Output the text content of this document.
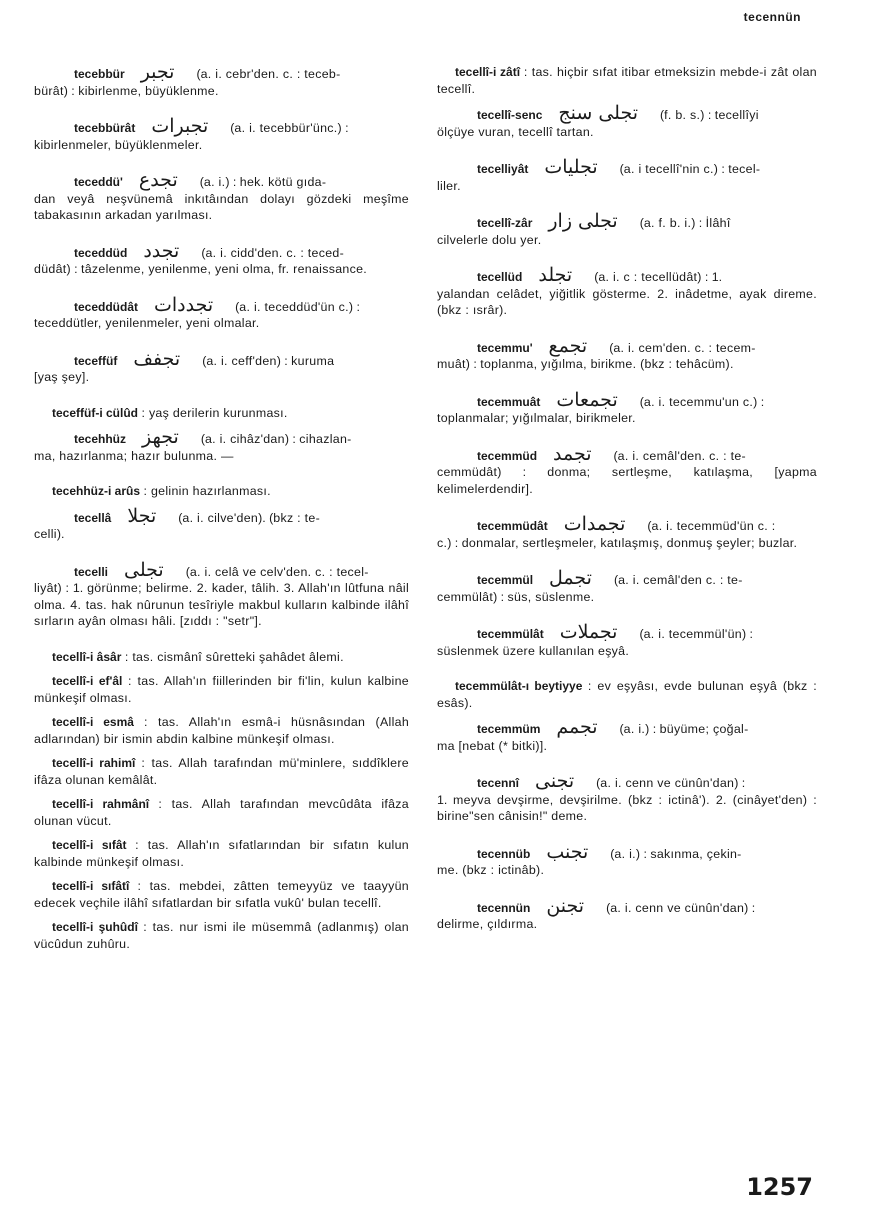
tecennün
tecebbür تجبر (a. i. cebr'den. c. : teceb-
bürât) : kibirlenme, büyüklenme.
tecebbürât تجبرات (a. i. tecebbür'ünc.) :
kibirlenmeler, büyüklenmeler.
teceddü' تجدع (a. i.) : hek. kötü gıda-
dan veyâ neşvünemâ inkıtâından dolayı gözdeki meşîme tabakasının arkadan yarılması.
teceddüd تجدد (a. i. cidd'den. c. : teced-
düdât) : tâzelenme, yenilenme, yeni olma, fr. renaissance.
teceddüdât تجددات (a. i. teceddüd'ün c.) :
teceddütler, yenilenmeler, yeni olmalar.
teceffüf تجفف (a. i. ceff'den) : kuruma
[yaş şey].
teceffüf-i cülûd : yaş derilerin kurunması.
tecehhüz تجهز (a. i. cihâz'dan) : cihazlan-
ma, hazırlanma; hazır bulunma. —
tecehhüz-i arûs : gelinin hazırlanması.
tecellâ تجلا (a. i. cilve'den). (bkz : te-
celli).
tecelli تجلى (a. i. celâ ve celv'den. c. : tecel-
liyât) : 1. görünme; belirme. 2. kader, tâlih. 3. Allah'ın lûtfuna nâil olma. 4. tas. hak nûrunun tesîriyle makbul kulların kalbinde ilâhî sırların ayân olması hâli. [zıddı : "setr"].
tecellî-i âsâr : tas. cismânî sûretteki şahâdet âlemi.
tecellî-i ef'âl : tas. Allah'ın fiillerinden bir fi'lin, kulun kalbine münkeşif olması.
tecellî-i esmâ : tas. Allah'ın esmâ-i hüsnâsından (Allah adlarından) bir ismin abdin kalbine münkeşif olması.
tecellî-i rahimî : tas. Allah tarafından mü'minlere, sıddîklere ifâza olunan kemâlât.
tecellî-i rahmânî : tas. Allah tarafından mevcûdâta ifâza olunan vücut.
tecellî-i sıfât : tas. Allah'ın sıfatlarından bir sıfatın kulun kalbinde münkeşif olması.
tecellî-i sıfâtî : tas. mebdei, zâtten temeyyüz ve taayyün edecek veçhile ilâhî sıfatlardan bir sıfatla vukû' bulan tecellî.
tecellî-i şuhûdî : tas. nur ismi ile müsemmâ (adlanmış) olan vücûdun zuhûru.
tecellî-i zâtî : tas. hiçbir sıfat itibar etmeksizin mebde-i zât olan tecellî.
tecellî-senc تجلى سنج (f. b. s.) : tecellîyi
ölçüye vuran, tecellî tartan.
tecelliyât تجليات (a. i tecellî'nin c.) : tecel-
liler.
tecellî-zâr تجلى زار (a. f. b. i.) : İlâhî
cilvelerle dolu yer.
tecellüd تجلد (a. i. c : tecellüdât) : 1.
yalandan celâdet, yiğitlik gösterme. 2. inâdetme, ayak direme. (bkz : ısrâr).
tecemmu' تجمع (a. i. cem'den. c. : tecem-
muât) : toplanma, yığılma, birikme. (bkz : tehâcüm).
tecemmuât تجمعات (a. i. tecemmu'un c.) :
toplanmalar; yığılmalar, birikmeler.
tecemmüd تجمد (a. i. cemâl'den. c. : te-
cemmüdât) : donma; sertleşme, katılaşma, [yapma kelimelerdendir].
tecemmüdât تجمدات (a. i. tecemmüd'ün c. :
c.) : donmalar, sertleşmeler, katılaşmış, donmuş şeyler; buzlar.
tecemmül تجمل (a. i. cemâl'den c. : te-
cemmülât) : süs, süslenme.
tecemmülât تجملات (a. i. tecemmül'ün) :
süslenmek üzere kullanılan eşyâ.
tecemmülât-ı beytiyye : ev eşyâsı, evde bulunan eşyâ (bkz : esâs).
tecemmüm تجمم (a. i.) : büyüme; çoğal-
ma [nebat (* bitki)].
tecennî تجنى (a. i. cenn ve cünûn'dan) :
1. meyva devşirme, devşirilme. (bkz : ictinâ'). 2. (cinâyet'den) : birine"sen cânisin!" deme.
tecennüb تجنب (a. i.) : sakınma, çekin-
me. (bkz : ictinâb).
tecennün تجنن (a. i. cenn ve cünûn'dan) :
delirme, çıldırma.
1257
